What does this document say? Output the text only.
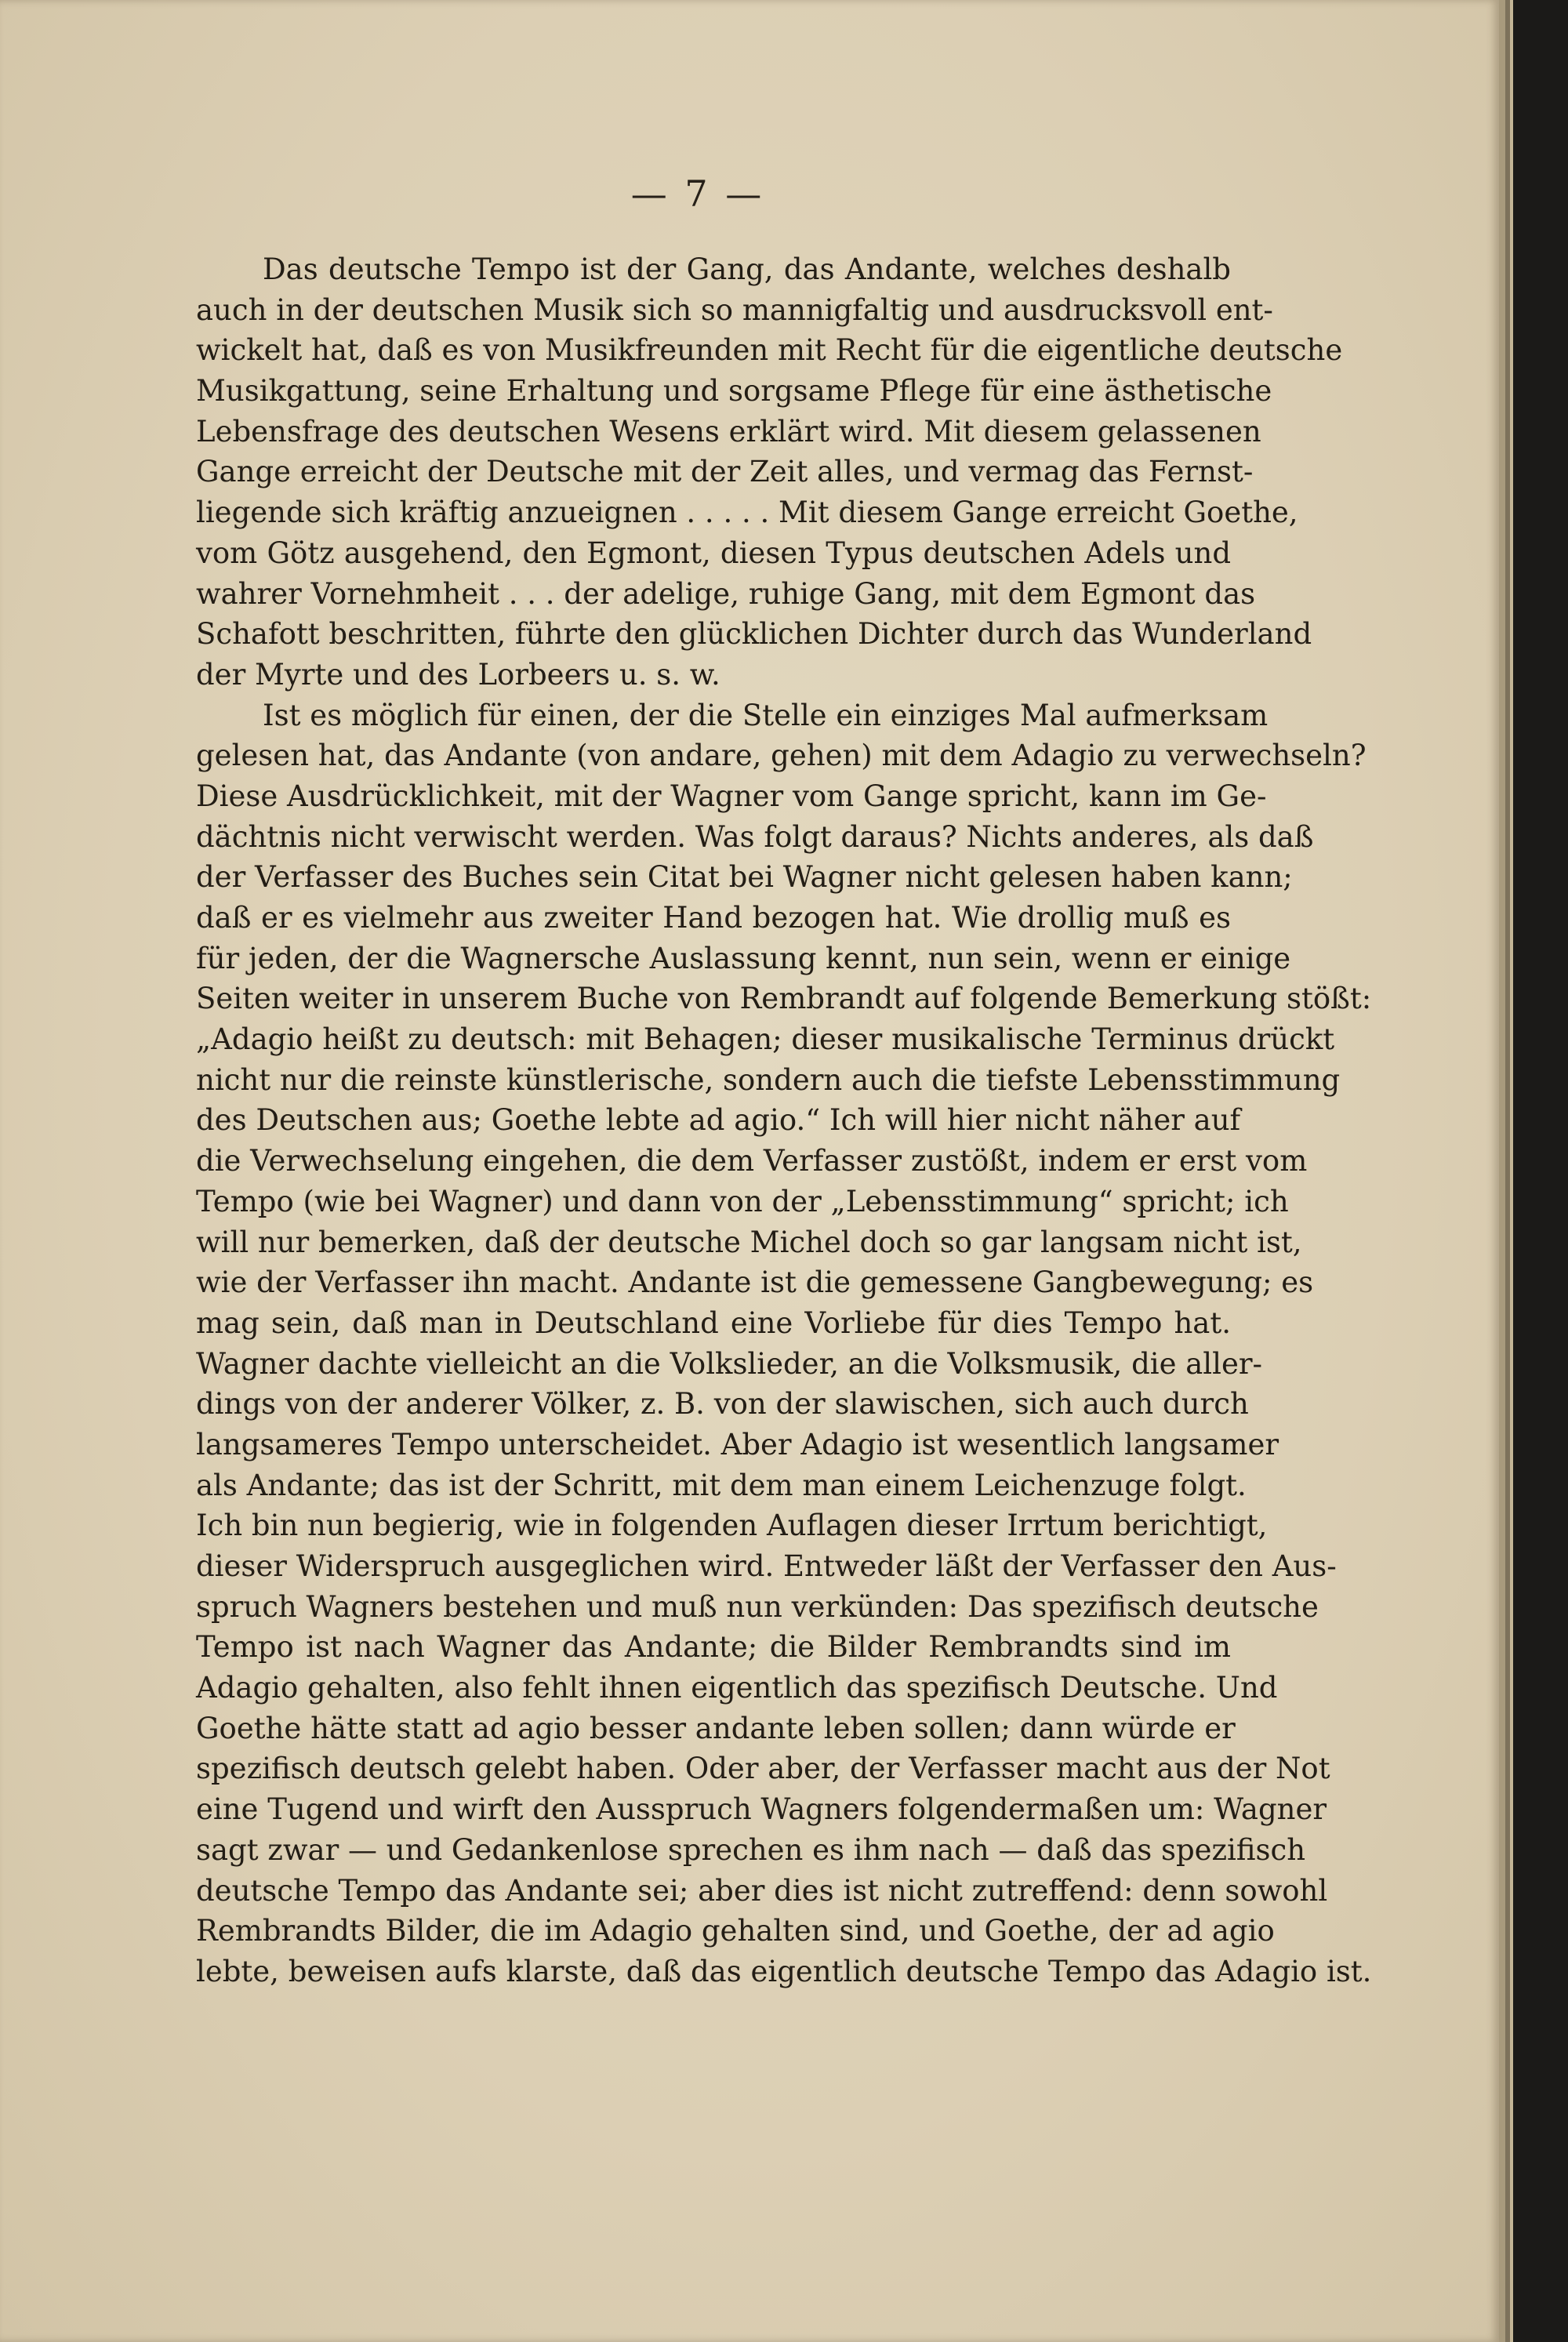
— 7 —
Das deutsche Tempo ist der Gang, das Andante, welches deshalb
auch in der deutschen Musik sich so mannigfaltig und ausdrucksvoll ent-
wickelt hat, daß es von Musikfreunden mit Recht für die eigentliche deutsche
Musikgattung, seine Erhaltung und sorgsame Pflege für eine ästhetische
Lebensfrage des deutschen Wesens erklärt wird. Mit diesem gelassenen
Gange erreicht der Deutsche mit der Zeit alles, und vermag das Fernst-
liegende sich kräftig anzueignen . . . . . Mit diesem Gange erreicht Goethe,
vom Götz ausgehend, den Egmont, diesen Typus deutschen Adels und
wahrer Vornehmheit . . . der adelige, ruhige Gang, mit dem Egmont das
Schafott beschritten, führte den glücklichen Dichter durch das Wunderland
der Myrte und des Lorbeers u. s. w.
Ist es möglich für einen, der die Stelle ein einziges Mal aufmerksam
gelesen hat, das Andante (von andare, gehen) mit dem Adagio zu verwechseln?
Diese Ausdrücklichkeit, mit der Wagner vom Gange spricht, kann im Ge-
dächtnis nicht verwischt werden. Was folgt daraus? Nichts anderes, als daß
der Verfasser des Buches sein Citat bei Wagner nicht gelesen haben kann;
daß er es vielmehr aus zweiter Hand bezogen hat. Wie drollig muß es
für jeden, der die Wagnersche Auslassung kennt, nun sein, wenn er einige
Seiten weiter in unserem Buche von Rembrandt auf folgende Bemerkung stößt:
„Adagio heißt zu deutsch: mit Behagen; dieser musikalische Terminus drückt
nicht nur die reinste künstlerische, sondern auch die tiefste Lebensstimmung
des Deutschen aus; Goethe lebte ad agio.“ Ich will hier nicht näher auf
die Verwechselung eingehen, die dem Verfasser zustößt, indem er erst vom
Tempo (wie bei Wagner) und dann von der „Lebensstimmung“ spricht; ich
will nur bemerken, daß der deutsche Michel doch so gar langsam nicht ist,
wie der Verfasser ihn macht. Andante ist die gemessene Gangbewegung; es
mag sein, daß man in Deutschland eine Vorliebe für dies Tempo hat.
Wagner dachte vielleicht an die Volkslieder, an die Volksmusik, die aller-
dings von der anderer Völker, z. B. von der slawischen, sich auch durch
langsameres Tempo unterscheidet. Aber Adagio ist wesentlich langsamer
als Andante; das ist der Schritt, mit dem man einem Leichenzuge folgt.
Ich bin nun begierig, wie in folgenden Auflagen dieser Irrtum berichtigt,
dieser Widerspruch ausgeglichen wird. Entweder läßt der Verfasser den Aus-
spruch Wagners bestehen und muß nun verkünden: Das spezifisch deutsche
Tempo ist nach Wagner das Andante; die Bilder Rembrandts sind im
Adagio gehalten, also fehlt ihnen eigentlich das spezifisch Deutsche. Und
Goethe hätte statt ad agio besser andante leben sollen; dann würde er
spezifisch deutsch gelebt haben. Oder aber, der Verfasser macht aus der Not
eine Tugend und wirft den Ausspruch Wagners folgendermaßen um: Wagner
sagt zwar — und Gedankenlose sprechen es ihm nach — daß das spezifisch
deutsche Tempo das Andante sei; aber dies ist nicht zutreffend: denn sowohl
Rembrandts Bilder, die im Adagio gehalten sind, und Goethe, der ad agio
lebte, beweisen aufs klarste, daß das eigentlich deutsche Tempo das Adagio ist.
